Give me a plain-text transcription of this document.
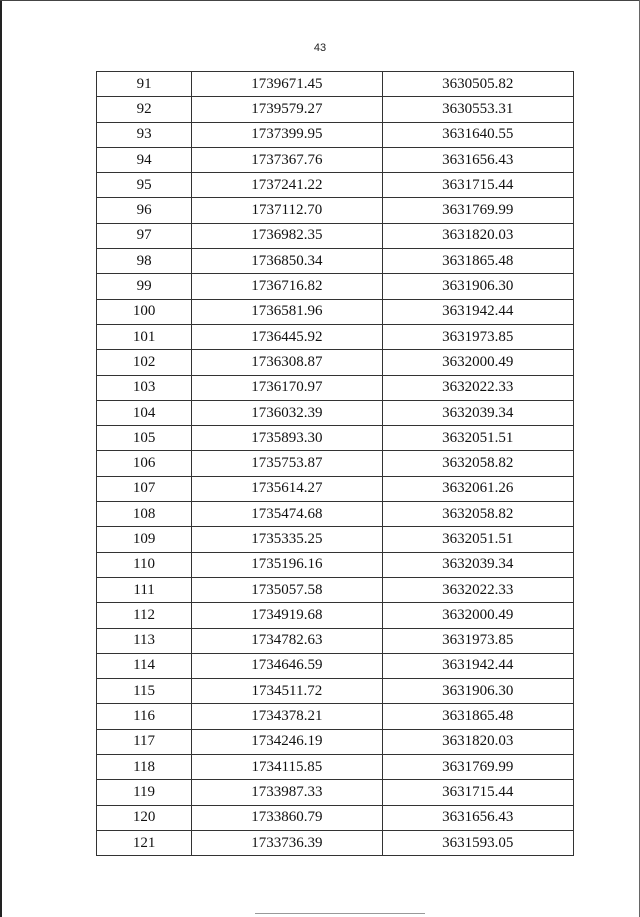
43
91	1739671.45	3630505.82
92	1739579.27	3630553.31
93	1737399.95	3631640.55
94	1737367.76	3631656.43
95	1737241.22	3631715.44
96	1737112.70	3631769.99
97	1736982.35	3631820.03
98	1736850.34	3631865.48
99	1736716.82	3631906.30
100	1736581.96	3631942.44
101	1736445.92	3631973.85
102	1736308.87	3632000.49
103	1736170.97	3632022.33
104	1736032.39	3632039.34
105	1735893.30	3632051.51
106	1735753.87	3632058.82
107	1735614.27	3632061.26
108	1735474.68	3632058.82
109	1735335.25	3632051.51
110	1735196.16	3632039.34
111	1735057.58	3632022.33
112	1734919.68	3632000.49
113	1734782.63	3631973.85
114	1734646.59	3631942.44
115	1734511.72	3631906.30
116	1734378.21	3631865.48
117	1734246.19	3631820.03
118	1734115.85	3631769.99
119	1733987.33	3631715.44
120	1733860.79	3631656.43
121	1733736.39	3631593.05
